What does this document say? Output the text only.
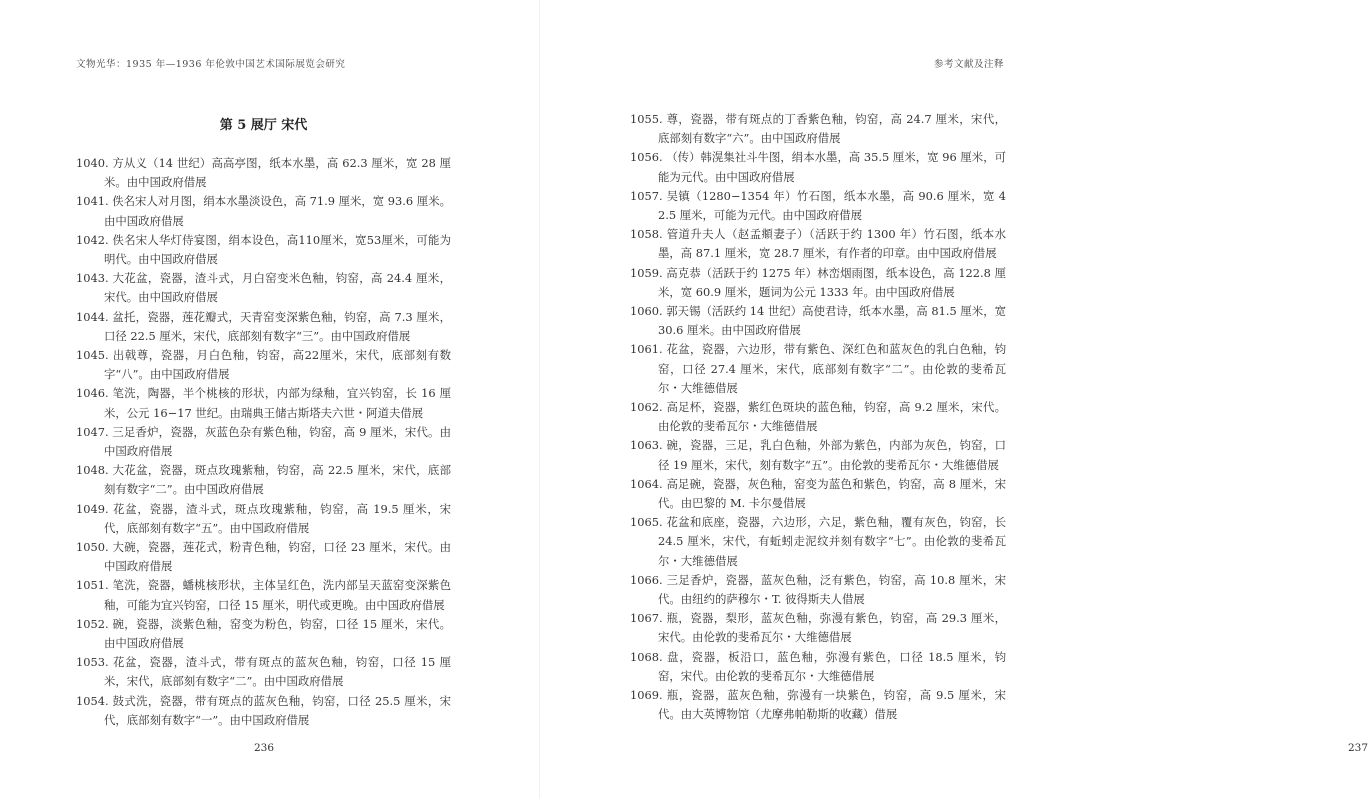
文物光华：1935 年—1936 年伦敦中国艺术国际展览会研究
第 5 展厅 宋代
1040. 方从义（14 世纪）高高亭图，纸本水墨，高 62.3 厘米，宽 28 厘米。由中国政府借展
1041. 佚名宋人对月图，绢本水墨淡设色，高 71.9 厘米，宽 93.6 厘米。由中国政府借展
1042. 佚名宋人华灯侍宴图，绢本设色，高110厘米，宽53厘米，可能为明代。由中国政府借展
1043. 大花盆，瓷器，渣斗式，月白窑变米色釉，钧窑，高 24.4 厘米，宋代。由中国政府借展
1044. 盆托，瓷器，莲花瓣式，天青窑变深紫色釉，钧窑，高 7.3 厘米，口径 22.5 厘米，宋代，底部刻有数字“三”。由中国政府借展
1045. 出戟尊，瓷器，月白色釉，钧窑，高22厘米，宋代，底部刻有数字“八”。由中国政府借展
1046. 笔洗，陶器，半个桃核的形状，内部为绿釉，宜兴钧窑，长 16 厘米，公元 16−17 世纪。由瑞典王储古斯塔夫六世・阿道夫借展
1047. 三足香炉，瓷器，灰蓝色杂有紫色釉，钧窑，高 9 厘米，宋代。由中国政府借展
1048. 大花盆，瓷器，斑点玫瑰紫釉，钧窑，高 22.5 厘米，宋代，底部刻有数字“二”。由中国政府借展
1049. 花盆，瓷器，渣斗式，斑点玫瑰紫釉，钧窑，高 19.5 厘米，宋代，底部刻有数字“五”。由中国政府借展
1050. 大碗，瓷器，莲花式，粉青色釉，钧窑，口径 23 厘米，宋代。由中国政府借展
1051. 笔洗，瓷器，蟠桃核形状，主体呈红色，洗内部呈天蓝窑变深紫色釉，可能为宜兴钧窑，口径 15 厘米，明代或更晚。由中国政府借展
1052. 碗，瓷器，淡紫色釉，窑变为粉色，钧窑，口径 15 厘米，宋代。由中国政府借展
1053. 花盆，瓷器，渣斗式，带有斑点的蓝灰色釉，钧窑，口径 15 厘米，宋代，底部刻有数字“二”。由中国政府借展
1054. 鼓式洗，瓷器，带有斑点的蓝灰色釉，钧窑，口径 25.5 厘米，宋代，底部刻有数字“一”。由中国政府借展
236
参考文献及注释
237
1055. 尊，瓷器，带有斑点的丁香紫色釉，钧窑，高 24.7 厘米，宋代，底部刻有数字“六”。由中国政府借展
1056. （传）韩滉集社斗牛图，绢本水墨，高 35.5 厘米，宽 96 厘米，可能为元代。由中国政府借展
1057. 吴镇（1280−1354 年）竹石图，纸本水墨，高 90.6 厘米，宽 42.5 厘米，可能为元代。由中国政府借展
1058. 管道升夫人（赵孟頫妻子）（活跃于约 1300 年）竹石图，纸本水墨，高 87.1 厘米，宽 28.7 厘米，有作者的印章。由中国政府借展
1059. 高克恭（活跃于约 1275 年）林峦烟雨图，纸本设色，高 122.8 厘米，宽 60.9 厘米，题词为公元 1333 年。由中国政府借展
1060. 郭天锡（活跃约 14 世纪）高使君诗，纸本水墨，高 81.5 厘米，宽 30.6 厘米。由中国政府借展
1061. 花盆，瓷器，六边形，带有紫色、深红色和蓝灰色的乳白色釉，钧窑，口径 27.4 厘米，宋代，底部刻有数字“二”。由伦敦的斐希瓦尔・大维德借展
1062. 高足杯，瓷器，紫红色斑块的蓝色釉，钧窑，高 9.2 厘米，宋代。由伦敦的斐希瓦尔・大维德借展
1063. 碗，瓷器，三足，乳白色釉，外部为紫色，内部为灰色，钧窑，口径 19 厘米，宋代，刻有数字“五”。由伦敦的斐希瓦尔・大维德借展
1064. 高足碗，瓷器，灰色釉，窑变为蓝色和紫色，钧窑，高 8 厘米，宋代。由巴黎的 M. 卡尔曼借展
1065. 花盆和底座，瓷器，六边形，六足，紫色釉，覆有灰色，钧窑，长 24.5 厘米，宋代，有蚯蚓走泥纹并刻有数字“七”。由伦敦的斐希瓦尔・大维德借展
1066. 三足香炉，瓷器，蓝灰色釉，泛有紫色，钧窑，高 10.8 厘米，宋代。由纽约的萨穆尔・T. 彼得斯夫人借展
1067. 瓶，瓷器，梨形，蓝灰色釉，弥漫有紫色，钧窑，高 29.3 厘米，宋代。由伦敦的斐希瓦尔・大维德借展
1068. 盘，瓷器，板沿口，蓝色釉，弥漫有紫色，口径 18.5 厘米，钧窑，宋代。由伦敦的斐希瓦尔・大维德借展
1069. 瓶，瓷器，蓝灰色釉，弥漫有一块紫色，钧窑，高 9.5 厘米，宋代。由大英博物馆（尤摩弗帕勒斯的收藏）借展
